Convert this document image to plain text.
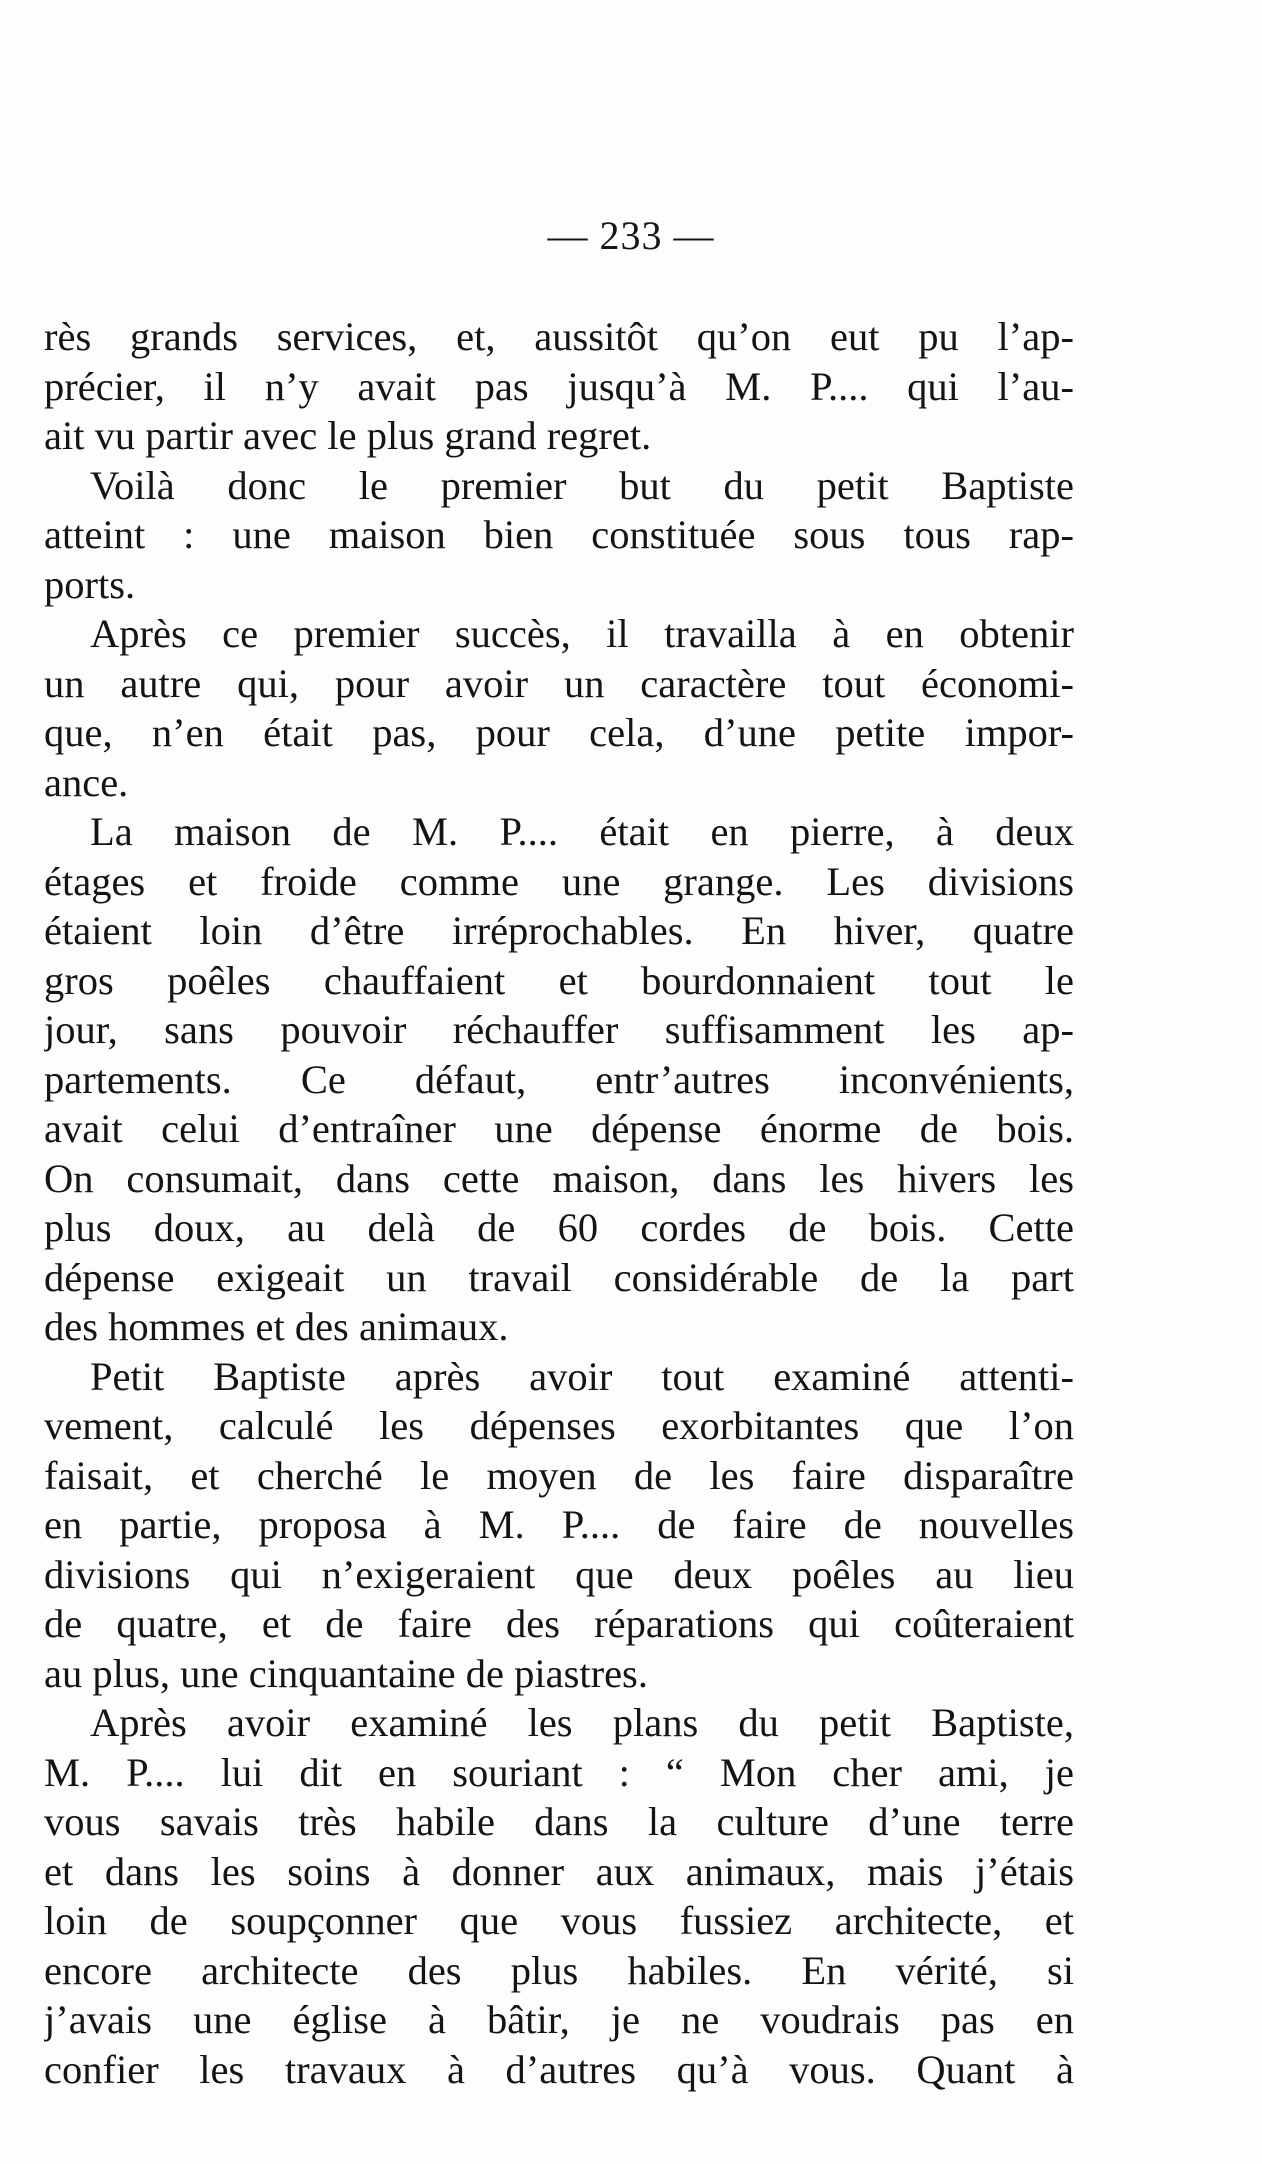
— 233 —
rès grands services, et, aussitôt qu’on eut pu l’ap-
précier, il n’y avait pas jusqu’à M. P.... qui l’au-
ait vu partir avec le plus grand regret.
Voilà donc le premier but du petit Baptiste
atteint : une maison bien constituée sous tous rap-
ports.
Après ce premier succès, il travailla à en obtenir
un autre qui, pour avoir un caractère tout économi-
que, n’en était pas, pour cela, d’une petite impor-
ance.
La maison de M. P.... était en pierre, à deux
étages et froide comme une grange. Les divisions
étaient loin d’être irréprochables. En hiver, quatre
gros poêles chauffaient et bourdonnaient tout le
jour, sans pouvoir réchauffer suffisamment les ap-
partements. Ce défaut, entr’autres inconvénients,
avait celui d’entraîner une dépense énorme de bois.
On consumait, dans cette maison, dans les hivers les
plus doux, au delà de 60 cordes de bois. Cette
dépense exigeait un travail considérable de la part
des hommes et des animaux.
Petit Baptiste après avoir tout examiné attenti-
vement, calculé les dépenses exorbitantes que l’on
faisait, et cherché le moyen de les faire disparaître
en partie, proposa à M. P.... de faire de nouvelles
divisions qui n’exigeraient que deux poêles au lieu
de quatre, et de faire des réparations qui coûteraient
au plus, une cinquantaine de piastres.
Après avoir examiné les plans du petit Baptiste,
M. P.... lui dit en souriant : “ Mon cher ami, je
vous savais très habile dans la culture d’une terre
et dans les soins à donner aux animaux, mais j’étais
loin de soupçonner que vous fussiez architecte, et
encore architecte des plus habiles. En vérité, si
j’avais une église à bâtir, je ne voudrais pas en
confier les travaux à d’autres qu’à vous. Quant à
